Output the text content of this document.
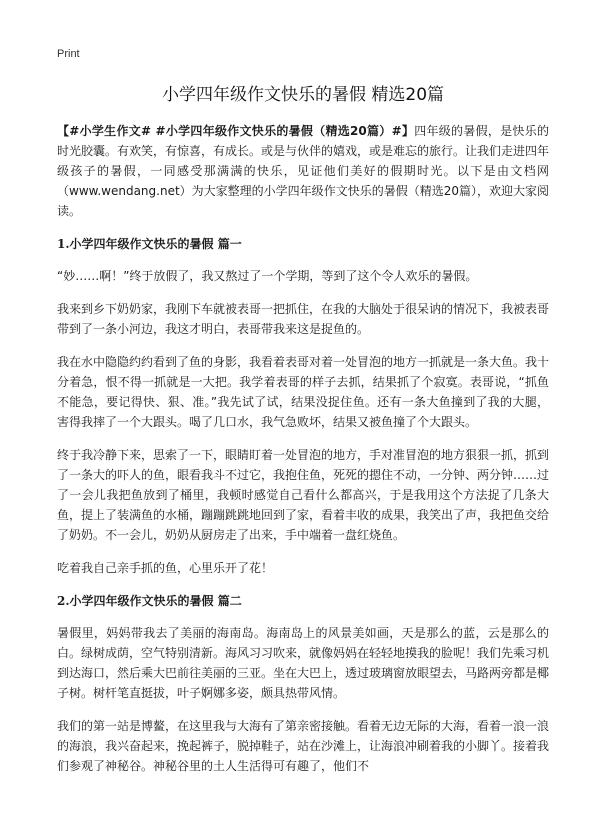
Print
小学四年级作文快乐的暑假 精选20篇

【#小学生作文# #小学四年级作文快乐的暑假（精选20篇）#】四年级的暑假，是快乐的时光胶囊。有欢笑，有惊喜，有成长。或是与伙伴的嬉戏，或是难忘的旅行。让我们走进四年级孩子的暑假，一同感受那满满的快乐，见证他们美好的假期时光。以下是由文档网（www.wendang.net）为大家整理的小学四年级作文快乐的暑假（精选20篇），欢迎大家阅读。

1.小学四年级作文快乐的暑假 篇一

“妙……啊！”终于放假了，我又熬过了一个学期，等到了这个令人欢乐的暑假。

我来到乡下奶奶家，我刚下车就被表哥一把抓住，在我的大脑处于很呆讷的情况下，我被表哥带到了一条小河边，我这才明白，表哥带我来这是捉鱼的。

我在水中隐隐约约看到了鱼的身影，我看着表哥对着一处冒泡的地方一抓就是一条大鱼。我十分着急，恨不得一抓就是一大把。我学着表哥的样子去抓，结果抓了个寂寞。表哥说，“抓鱼不能急，要记得快、狠、准。”我先试了试，结果没捉住鱼。还有一条大鱼撞到了我的大腿，害得我摔了一个大跟头。喝了几口水，我气急败坏，结果又被鱼撞了个大跟头。

终于我冷静下来，思索了一下，眼睛盯着一处冒泡的地方，手对准冒泡的地方狠狠一抓，抓到了一条大的吓人的鱼，眼看我斗不过它，我抱住鱼，死死的摁住不动，一分钟、两分钟……过了一会儿我把鱼放到了桶里，我顿时感觉自己看什么都高兴，于是我用这个方法捉了几条大鱼，提上了装满鱼的水桶，蹦蹦跳跳地回到了家，看着丰收的成果，我笑出了声，我把鱼交给了奶奶。不一会儿，奶奶从厨房走了出来，手中端着一盘红烧鱼。

吃着我自己亲手抓的鱼，心里乐开了花！

2.小学四年级作文快乐的暑假 篇二

暑假里，妈妈带我去了美丽的海南岛。海南岛上的风景美如画，天是那么的蓝，云是那么的白。绿树成荫，空气特别清新。海风习习吹来，就像妈妈在轻轻地摸我的脸呢！我们先乘习机到达海口，然后乘大巴前往美丽的三亚。坐在大巴上，透过玻璃窗放眼望去，马路两旁都是椰子树。树杆笔直挺拔，叶子婀娜多姿，颇具热带风情。

我们的第一站是博鳌，在这里我与大海有了第亲密接触。看着无边无际的大海，看着一浪一浪的海浪，我兴奋起来，挽起裤子，脱掉鞋子，站在沙滩上，让海浪冲刷着我的小脚丫。接着我们参观了神秘谷。神秘谷里的土人生活得可有趣了，他们不
